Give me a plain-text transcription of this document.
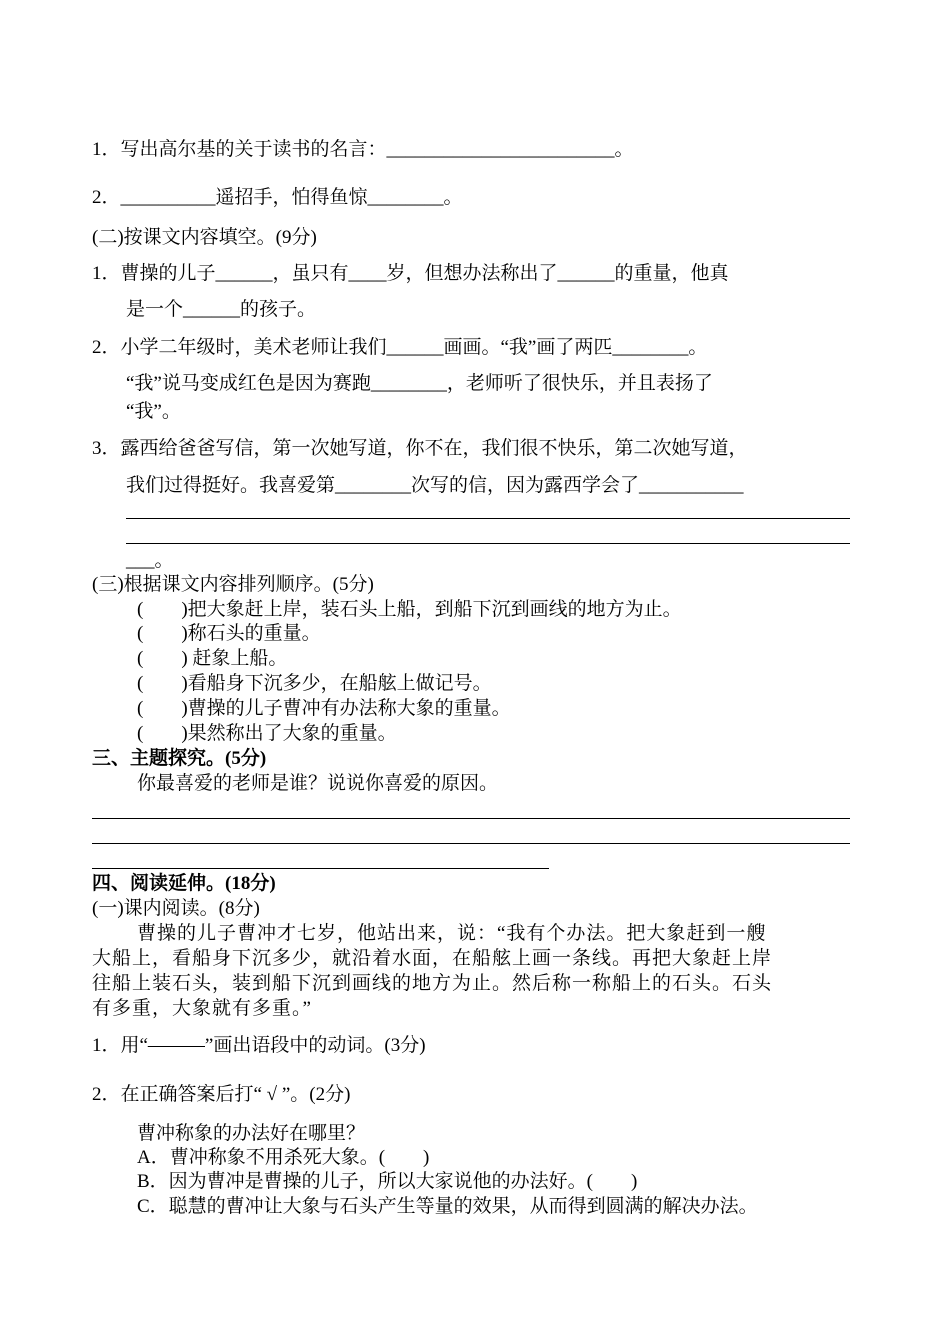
1．写出高尔基的关于读书的名言：________________________。
2．__________遥招手，怕得鱼惊________。
(二)按课文内容填空。(9分)
1．曹操的儿子______，虽只有____岁，但想办法称出了______的重量，他真
是一个______的孩子。
2．小学二年级时，美术老师让我们______画画。“我”画了两匹________。
“我”说马变成红色是因为赛跑________，老师听了很快乐，并且表扬了
“我”。
3．露西给爸爸写信，第一次她写道，你不在，我们很不快乐，第二次她写道，
我们过得挺好。我喜爱第________次写的信，因为露西学会了___________
___。
(三)根据课文内容排列顺序。(5分)
(　　)把大象赶上岸，装石头上船，到船下沉到画线的地方为止。
(　　)称石头的重量。
(　　) 赶象上船。
(　　)看船身下沉多少，在船舷上做记号。
(　　)曹操的儿子曹冲有办法称大象的重量。
(　　)果然称出了大象的重量。
三、主题探究。(5分)
你最喜爱的老师是谁？说说你喜爱的原因。
四、阅读延伸。(18分)
(一)课内阅读。(8分)
曹操的儿子曹冲才七岁，他站出来，说：“我有个办法。把大象赶到一艘
大船上，看船身下沉多少，就沿着水面，在船舷上画一条线。再把大象赶上岸
往船上装石头，装到船下沉到画线的地方为止。然后称一称船上的石头。石头
有多重，大象就有多重。”
1．用“———”画出语段中的动词。(3分)
2．在正确答案后打“ √ ”。(2分)
曹冲称象的办法好在哪里？
A．曹冲称象不用杀死大象。(　　)
B．因为曹冲是曹操的儿子，所以大家说他的办法好。(　　)
C．聪慧的曹冲让大象与石头产生等量的效果，从而得到圆满的解决办法。
